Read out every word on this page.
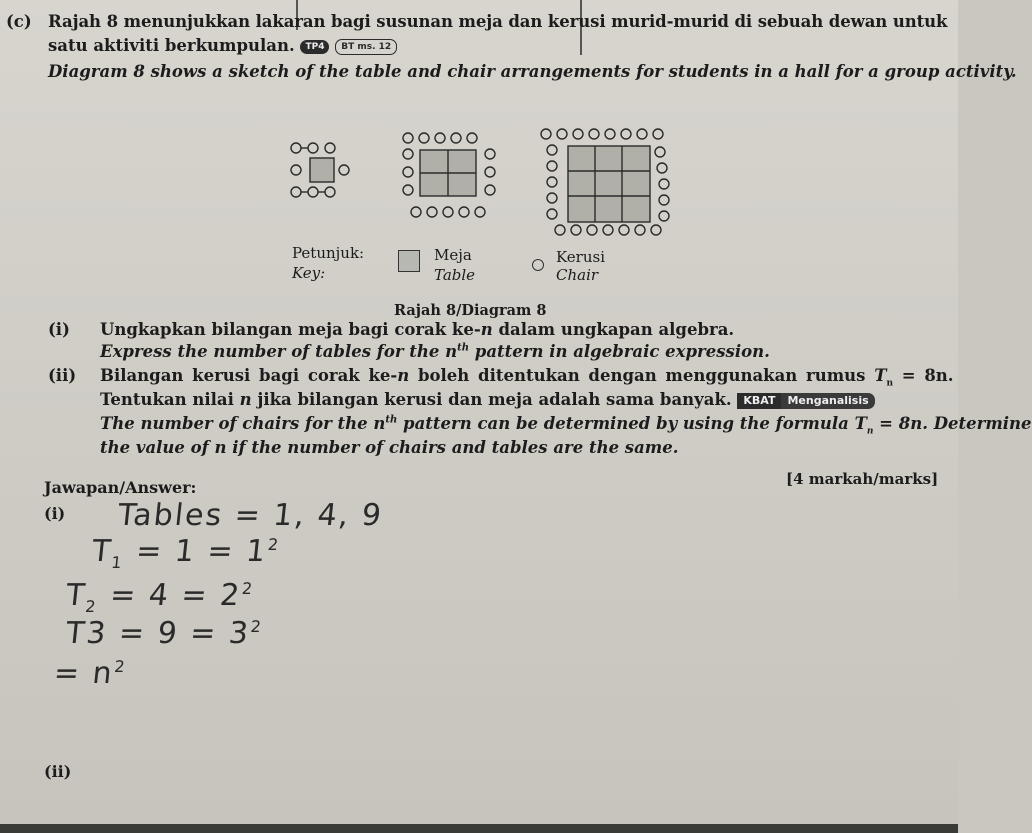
(c) Rajah 8 menunjukkan lakaran bagi susunan meja dan kerusi murid-murid di sebuah dewan untuk
satu aktiviti berkumpulan. TP4 BT ms. 12
Diagram 8 shows a sketch of the table and chair arrangements for students in a hall for a group activity.
Petunjuk:
Key:
Meja
Table
Kerusi
Chair
Rajah 8/Diagram 8
(i) Ungkapkan bilangan meja bagi corak ke-n dalam ungkapan algebra.
Express the number of tables for the $n^{th}$ pattern in algebraic expression.
(ii) Bilangan kerusi bagi corak ke-n boleh ditentukan dengan menggunakan rumus $T_n = 8n$.
Tentukan nilai n jika bilangan kerusi dan meja adalah sama banyak. KBAT Menganalisis
The number of chairs for the $n^{th}$ pattern can be determined by using the formula $T_n = 8n$. Determine
the value of n if the number of chairs and tables are the same.
[4 markah/marks]
Jawapan/Answer:
(i) Tables = 1, 4, 9
$T_1 = 1 = 1^2$
$T_2 = 4 = 2^2$
$T3 = 9 = 3^2$
= $n^2$
(ii)
